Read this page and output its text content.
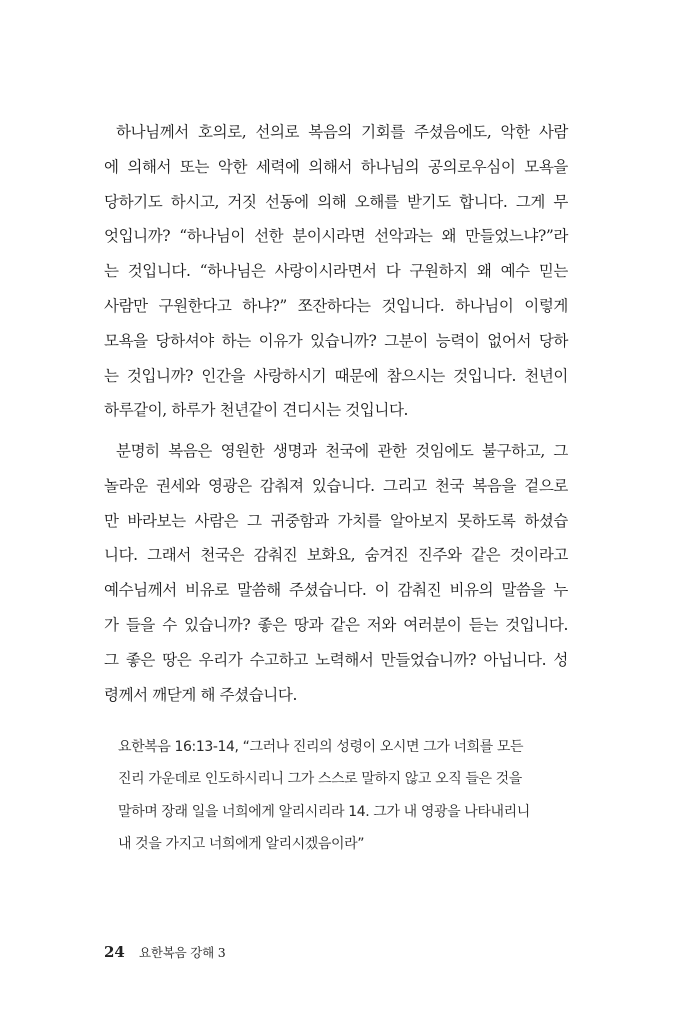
하나님께서 호의로, 선의로 복음의 기회를 주셨음에도, 악한 사람
에 의해서 또는 악한 세력에 의해서 하나님의 공의로우심이 모욕을
당하기도 하시고, 거짓 선동에 의해 오해를 받기도 합니다. 그게 무
엇입니까? “하나님이 선한 분이시라면 선악과는 왜 만들었느냐?”라
는 것입니다. “하나님은 사랑이시라면서 다 구원하지 왜 예수 믿는
사람만 구원한다고 하냐?” 쪼잔하다는 것입니다. 하나님이 이렇게
모욕을 당하셔야 하는 이유가 있습니까? 그분이 능력이 없어서 당하
는 것입니까? 인간을 사랑하시기 때문에 참으시는 것입니다. 천년이
하루같이, 하루가 천년같이 견디시는 것입니다.
분명히 복음은 영원한 생명과 천국에 관한 것임에도 불구하고, 그
놀라운 권세와 영광은 감춰져 있습니다. 그리고 천국 복음을 겉으로
만 바라보는 사람은 그 귀중함과 가치를 알아보지 못하도록 하셨습
니다. 그래서 천국은 감춰진 보화요, 숨겨진 진주와 같은 것이라고
예수님께서 비유로 말씀해 주셨습니다. 이 감춰진 비유의 말씀을 누
가 들을 수 있습니까? 좋은 땅과 같은 저와 여러분이 듣는 것입니다.
그 좋은 땅은 우리가 수고하고 노력해서 만들었습니까? 아닙니다. 성
령께서 깨닫게 해 주셨습니다.
요한복음 16:13-14, “그러나 진리의 성령이 오시면 그가 너희를 모든
진리 가운데로 인도하시리니 그가 스스로 말하지 않고 오직 들은 것을
말하며 장래 일을 너희에게 알리시리라 14. 그가 내 영광을 나타내리니
내 것을 가지고 너희에게 알리시겠음이라”
24 요한복음 강해 3
